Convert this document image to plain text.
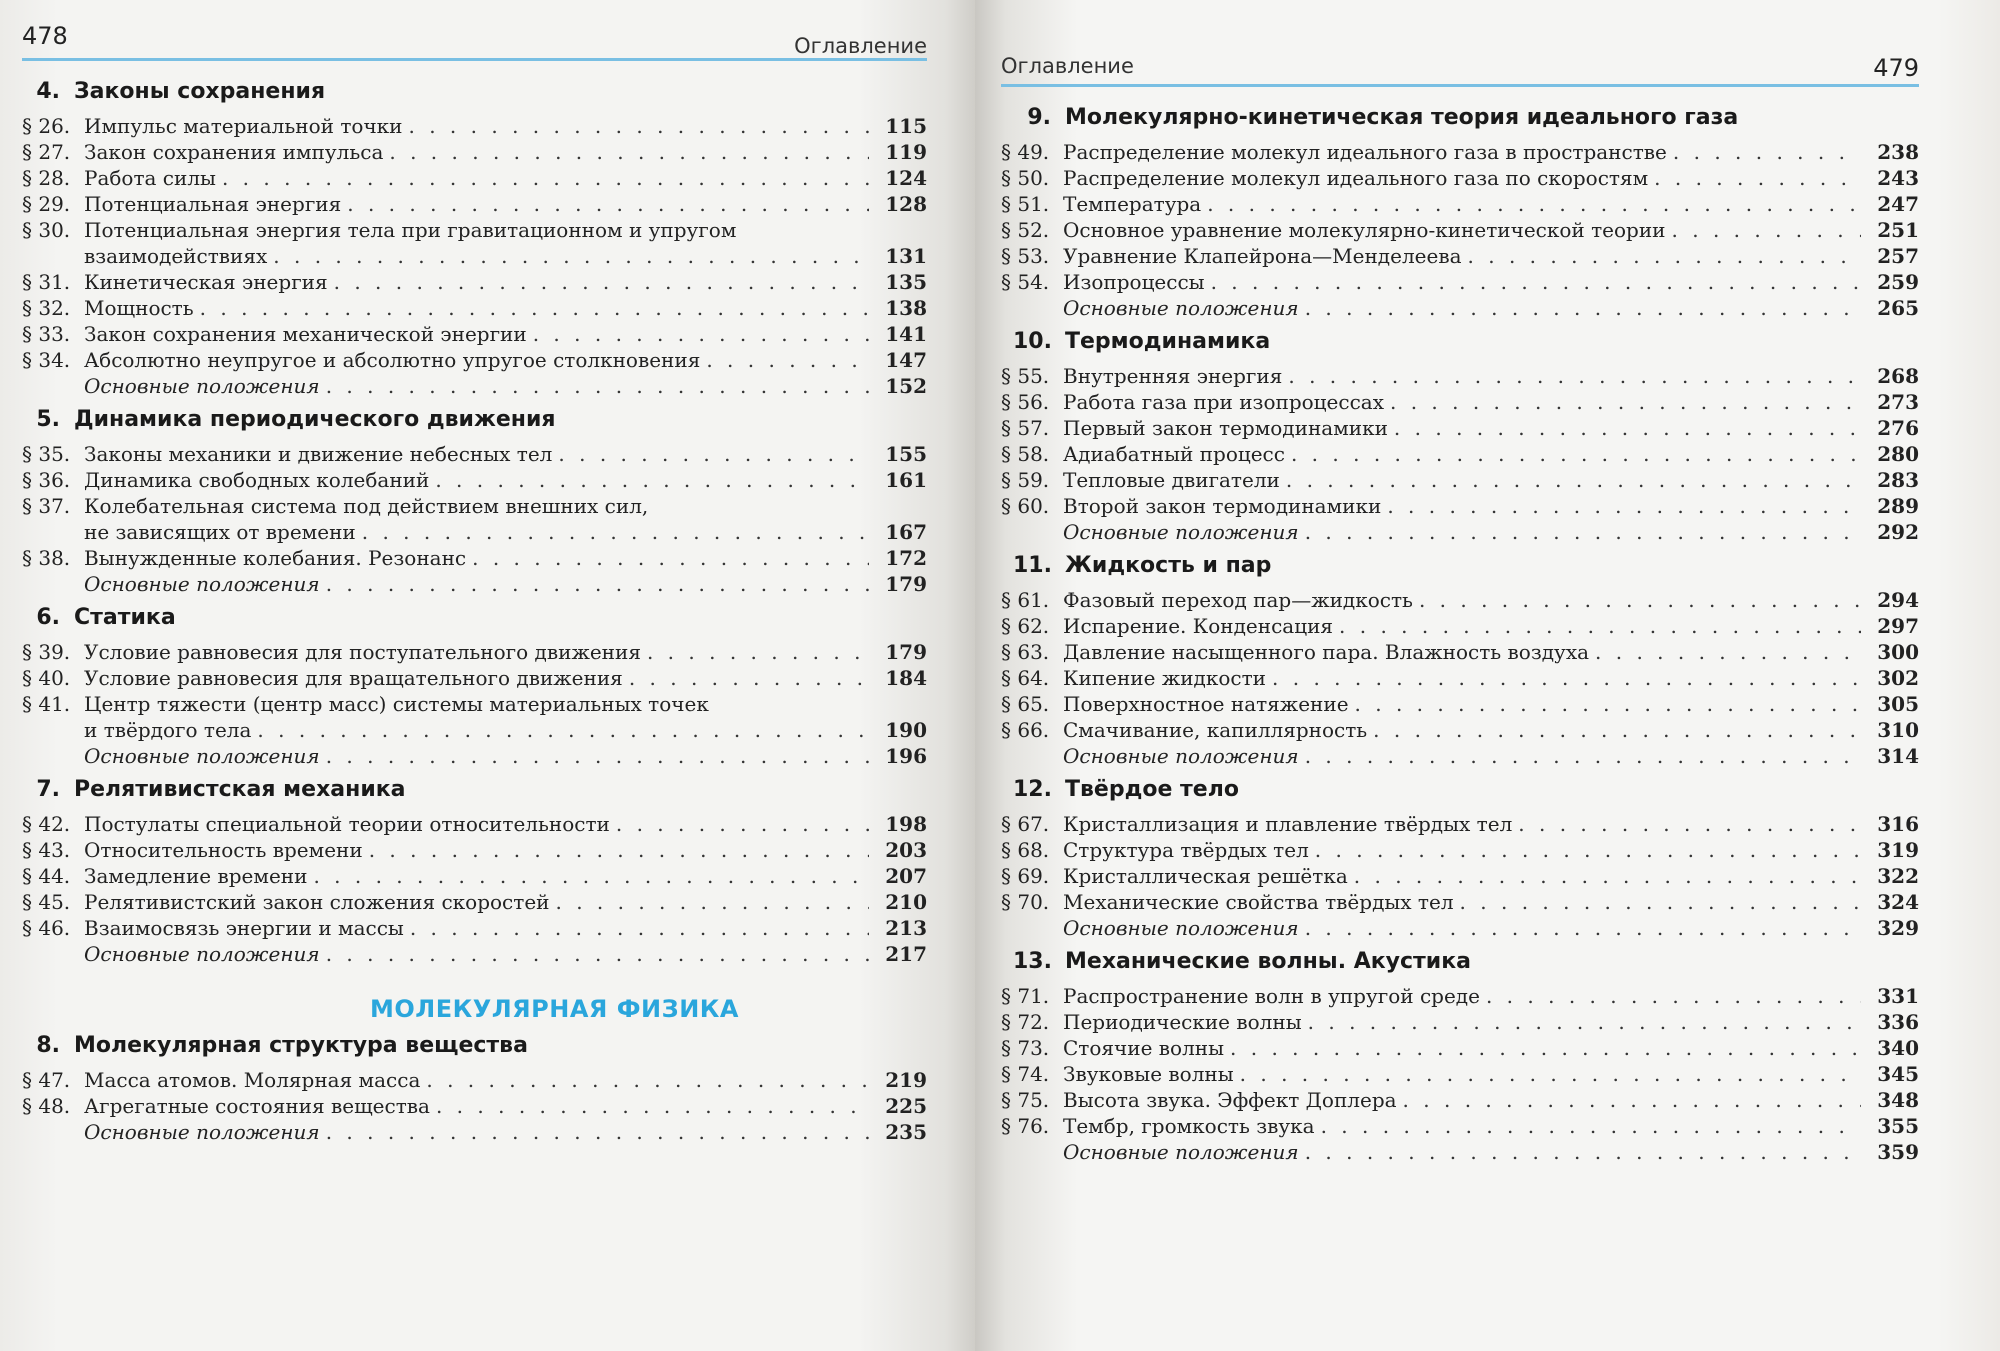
478	Оглавление
4. Законы сохранения
§ 26. Импульс материальной точки . . .	115
§ 27. Закон сохранения импульса . . .	119
§ 28. Работа силы . . .	124
§ 29. Потенциальная энергия . . .	128
§ 30. Потенциальная энергия тела при гравитационном и упругом
взаимодействиях . . .	131
§ 31. Кинетическая энергия . . .	135
§ 32. Мощность . . .	138
§ 33. Закон сохранения механической энергии . . .	141
§ 34. Абсолютно неупругое и абсолютно упругое столкновения . . .	147
Основные положения . . .	152
5. Динамика периодического движения
§ 35. Законы механики и движение небесных тел . . .	155
§ 36. Динамика свободных колебаний . . .	161
§ 37. Колебательная система под действием внешних сил,
не зависящих от времени . . .	167
§ 38. Вынужденные колебания. Резонанс . . .	172
Основные положения . . .	179
6. Статика
§ 39. Условие равновесия для поступательного движения . . .	179
§ 40. Условие равновесия для вращательного движения . . .	184
§ 41. Центр тяжести (центр масс) системы материальных точек
и твёрдого тела . . .	190
Основные положения . . .	196
7. Релятивистская механика
§ 42. Постулаты специальной теории относительности . . .	198
§ 43. Относительность времени . . .	203
§ 44. Замедление времени . . .	207
§ 45. Релятивистский закон сложения скоростей . . .	210
§ 46. Взаимосвязь энергии и массы . . .	213
Основные положения . . .	217
МОЛЕКУЛЯРНАЯ ФИЗИКА
8. Молекулярная структура вещества
§ 47. Масса атомов. Молярная масса . . .	219
§ 48. Агрегатные состояния вещества . . .	225
Основные положения . . .	235
Оглавление	479
9. Молекулярно-кинетическая теория идеального газа
§ 49. Распределение молекул идеального газа в пространстве . . .	238
§ 50. Распределение молекул идеального газа по скоростям . . .	243
§ 51. Температура . . .	247
§ 52. Основное уравнение молекулярно-кинетической теории . . .	251
§ 53. Уравнение Клапейрона—Менделеева . . .	257
§ 54. Изопроцессы . . .	259
Основные положения . . .	265
10. Термодинамика
§ 55. Внутренняя энергия . . .	268
§ 56. Работа газа при изопроцессах . . .	273
§ 57. Первый закон термодинамики . . .	276
§ 58. Адиабатный процесс . . .	280
§ 59. Тепловые двигатели . . .	283
§ 60. Второй закон термодинамики . . .	289
Основные положения . . .	292
11. Жидкость и пар
§ 61. Фазовый переход пар—жидкость . . .	294
§ 62. Испарение. Конденсация . . .	297
§ 63. Давление насыщенного пара. Влажность воздуха . . .	300
§ 64. Кипение жидкости . . .	302
§ 65. Поверхностное натяжение . . .	305
§ 66. Смачивание, капиллярность . . .	310
Основные положения . . .	314
12. Твёрдое тело
§ 67. Кристаллизация и плавление твёрдых тел . . .	316
§ 68. Структура твёрдых тел . . .	319
§ 69. Кристаллическая решётка . . .	322
§ 70. Механические свойства твёрдых тел . . .	324
Основные положения . . .	329
13. Механические волны. Акустика
§ 71. Распространение волн в упругой среде . . .	331
§ 72. Периодические волны . . .	336
§ 73. Стоячие волны . . .	340
§ 74. Звуковые волны . . .	345
§ 75. Высота звука. Эффект Доплера . . .	348
§ 76. Тембр, громкость звука . . .	355
Основные положения . . .	359
